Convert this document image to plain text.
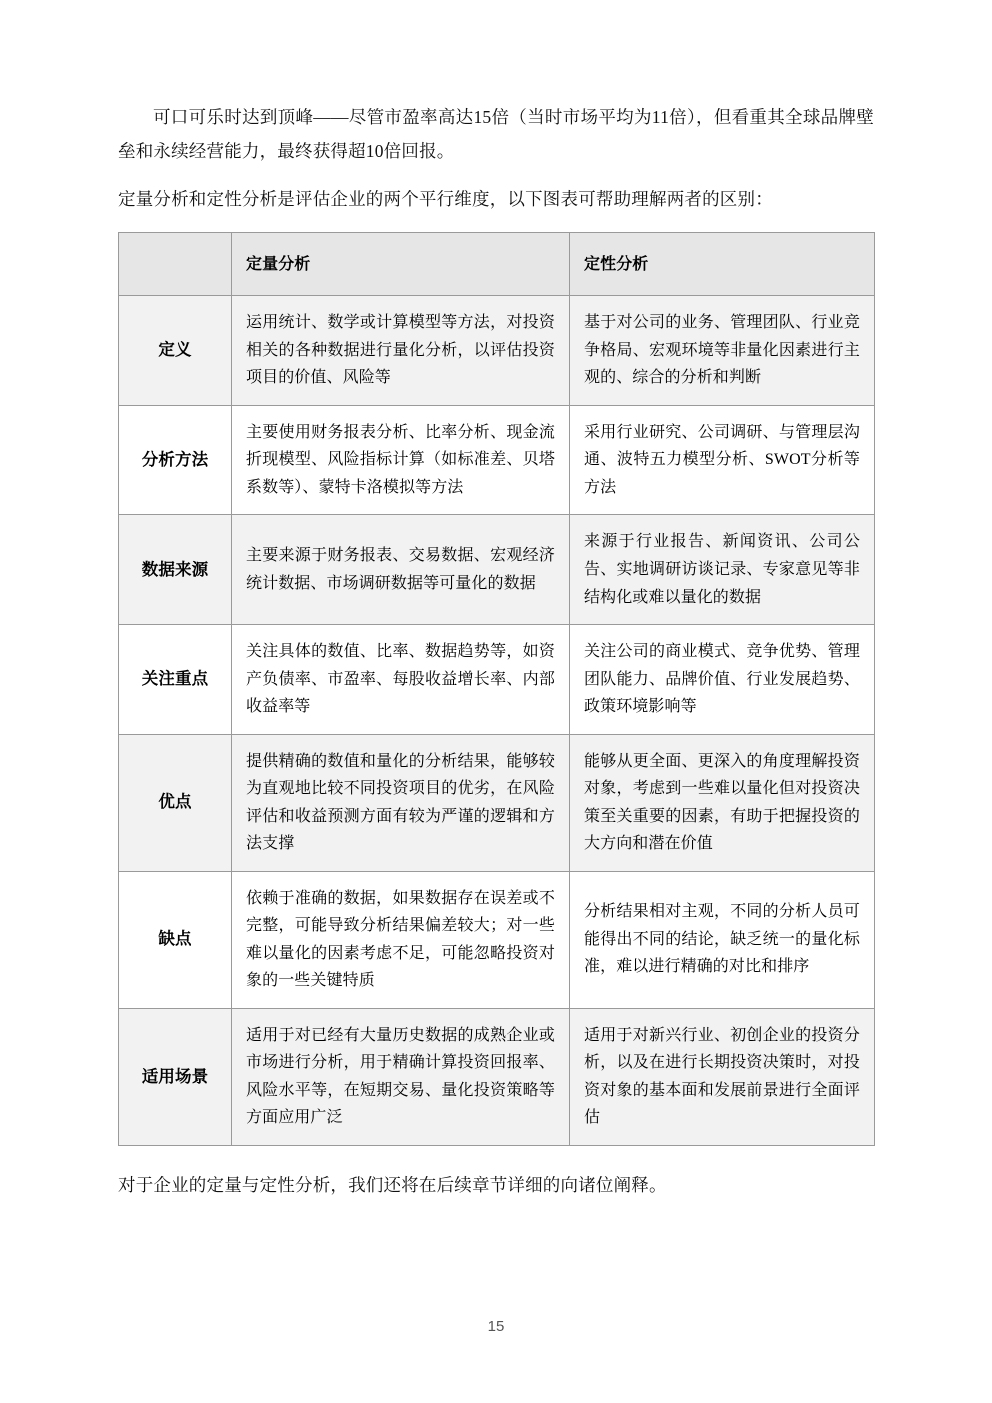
可口可乐时达到顶峰——尽管市盈率高达15倍（当时市场平均为11倍），但看重其全球品牌壁垒和永续经营能力，最终获得超10倍回报。

定量分析和定性分析是评估企业的两个平行维度，以下图表可帮助理解两者的区别：

	定量分析	定性分析
定义	运用统计、数学或计算模型等方法，对投资相关的各种数据进行量化分析，以评估投资项目的价值、风险等	基于对公司的业务、管理团队、行业竞争格局、宏观环境等非量化因素进行主观的、综合的分析和判断
分析方法	主要使用财务报表分析、比率分析、现金流折现模型、风险指标计算（如标准差、贝塔系数等）、蒙特卡洛模拟等方法	采用行业研究、公司调研、与管理层沟通、波特五力模型分析、SWOT分析等方法
数据来源	主要来源于财务报表、交易数据、宏观经济统计数据、市场调研数据等可量化的数据	来源于行业报告、新闻资讯、公司公告、实地调研访谈记录、专家意见等非结构化或难以量化的数据
关注重点	关注具体的数值、比率、数据趋势等，如资产负债率、市盈率、每股收益增长率、内部收益率等	关注公司的商业模式、竞争优势、管理团队能力、品牌价值、行业发展趋势、政策环境影响等
优点	提供精确的数值和量化的分析结果，能够较为直观地比较不同投资项目的优劣，在风险评估和收益预测方面有较为严谨的逻辑和方法支撑	能够从更全面、更深入的角度理解投资对象，考虑到一些难以量化但对投资决策至关重要的因素，有助于把握投资的大方向和潜在价值
缺点	依赖于准确的数据，如果数据存在误差或不完整，可能导致分析结果偏差较大；对一些难以量化的因素考虑不足，可能忽略投资对象的一些关键特质	分析结果相对主观，不同的分析人员可能得出不同的结论，缺乏统一的量化标准，难以进行精确的对比和排序
适用场景	适用于对已经有大量历史数据的成熟企业或市场进行分析，用于精确计算投资回报率、风险水平等，在短期交易、量化投资策略等方面应用广泛	适用于对新兴行业、初创企业的投资分析，以及在进行长期投资决策时，对投资对象的基本面和发展前景进行全面评估

对于企业的定量与定性分析，我们还将在后续章节详细的向诸位阐释。

15
